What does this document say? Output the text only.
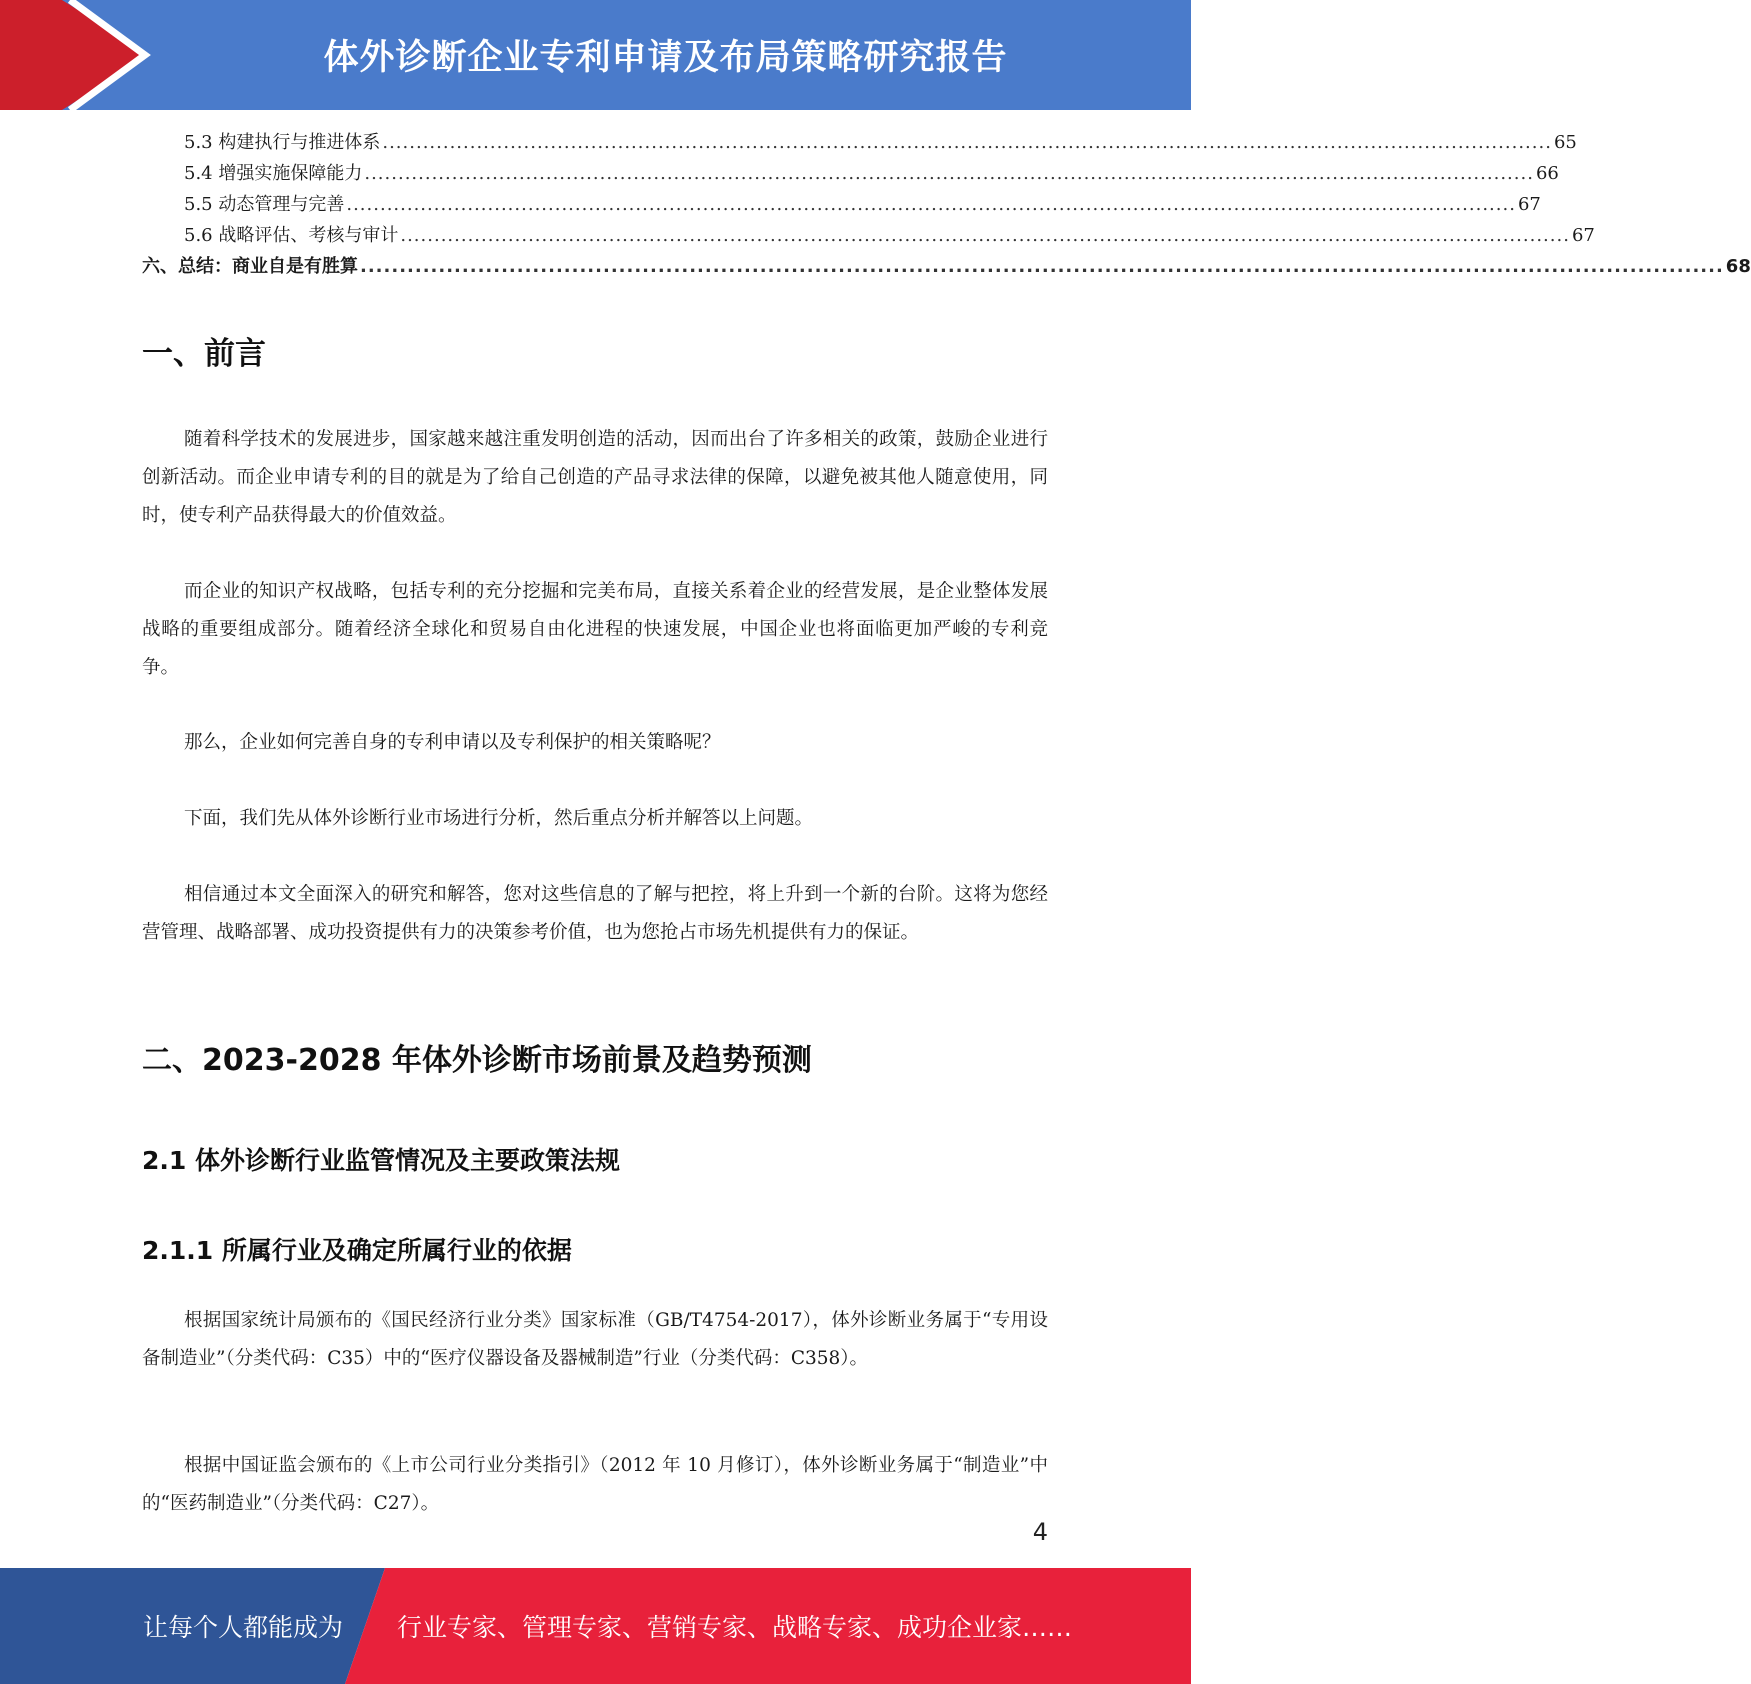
体外诊断企业专利申请及布局策略研究报告
5.3 构建执行与推进体系 .............................................................................................................................................................................. 65
5.4 增强实施保障能力 .............................................................................................................................................................................. 66
5.5 动态管理与完善 .............................................................................................................................................................................. 67
5.6 战略评估、考核与审计 .............................................................................................................................................................................. 67
六、总结：商业自是有胜算 .............................................................................................................................................................................. 68
一、前言

随着科学技术的发展进步，国家越来越注重发明创造的活动，因而出台了许多相关的政策，鼓励企业进行创新活动。而企业申请专利的目的就是为了给自己创造的产品寻求法律的保障，以避免被其他人随意使用，同时，使专利产品获得最大的价值效益。

而企业的知识产权战略，包括专利的充分挖掘和完美布局，直接关系着企业的经营发展，是企业整体发展战略的重要组成部分。随着经济全球化和贸易自由化进程的快速发展，中国企业也将面临更加严峻的专利竞争。

那么，企业如何完善自身的专利申请以及专利保护的相关策略呢？

下面，我们先从体外诊断行业市场进行分析，然后重点分析并解答以上问题。

相信通过本文全面深入的研究和解答，您对这些信息的了解与把控，将上升到一个新的台阶。这将为您经营管理、战略部署、成功投资提供有力的决策参考价值，也为您抢占市场先机提供有力的保证。

二、2023-2028 年体外诊断市场前景及趋势预测
2.1 体外诊断行业监管情况及主要政策法规
2.1.1 所属行业及确定所属行业的依据

根据国家统计局颁布的《国民经济行业分类》国家标准（GB/T4754-2017），体外诊断业务属于“专用设备制造业”（分类代码：C35）中的“医疗仪器设备及器械制造”行业（分类代码：C358）。

根据中国证监会颁布的《上市公司行业分类指引》（2012 年 10 月修订），体外诊断业务属于“制造业”中的“医药制造业”（分类代码：C27）。

4
让每个人都能成为 行业专家、管理专家、营销专家、战略专家、成功企业家……
